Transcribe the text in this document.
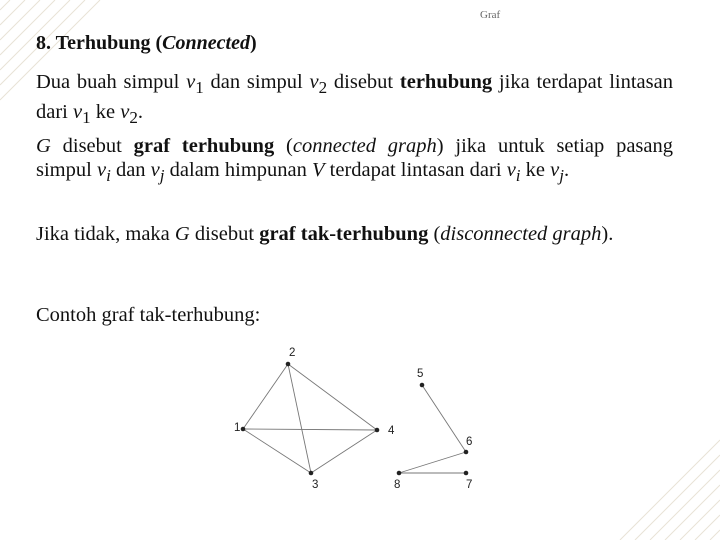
Graf
8. Terhubung (Connected)

Dua buah simpul $v_1$ dan simpul $v_2$ disebut terhubung jika terdapat lintasan dari $v_1$ ke $v_2$.

G disebut graf terhubung (connected graph) jika untuk setiap pasang simpul $v_i$ dan $v_j$ dalam himpunan V terdapat lintasan dari $v_i$ ke $v_j$.

Jika tidak, maka G disebut graf tak-terhubung (disconnected graph).

Contoh graf tak-terhubung:

1
2
3
4
5
6
7
8
